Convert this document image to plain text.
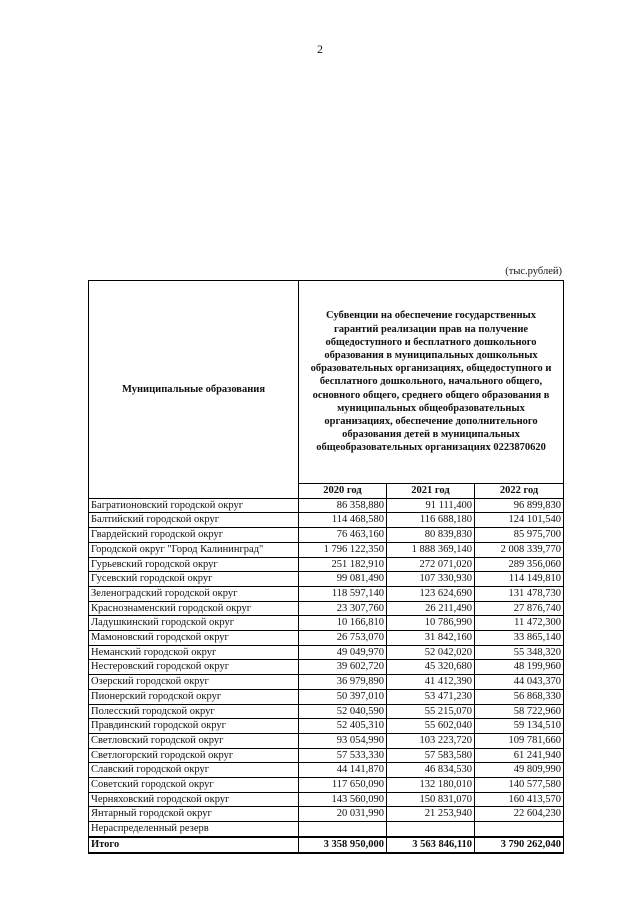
2
(тыс.рублей)
Муниципальные образования	Субвенции на обеспечение государственных гарантий реализации прав на получение общедоступного и бесплатного дошкольного образования в муниципальных дошкольных образовательных организациях, общедоступного и бесплатного дошкольного, начального общего, основного общего, среднего общего образования в муниципальных общеобразовательных организациях, обеспечение дополнительного образования детей в муниципальных общеобразовательных организациях 0223870620		
	2020 год	2021 год	2022 год
Багратионовский городской округ	86 358,880	91 111,400	96 899,830
Балтийский городской округ	114 468,580	116 688,180	124 101,540
Гвардейский городской округ	76 463,160	80 839,830	85 975,700
Городской округ "Город Калининград"	1 796 122,350	1 888 369,140	2 008 339,770
Гурьевский городской округ	251 182,910	272 071,020	289 356,060
Гусевский городской округ	99 081,490	107 330,930	114 149,810
Зеленоградский городской округ	118 597,140	123 624,690	131 478,730
Краснознаменский городской округ	23 307,760	26 211,490	27 876,740
Ладушкинский городской округ	10 166,810	10 786,990	11 472,300
Мамоновский городской округ	26 753,070	31 842,160	33 865,140
Неманский городской округ	49 049,970	52 042,020	55 348,320
Нестеровский городской округ	39 602,720	45 320,680	48 199,960
Озерский городской округ	36 979,890	41 412,390	44 043,370
Пионерский городской округ	50 397,010	53 471,230	56 868,330
Полесский городской округ	52 040,590	55 215,070	58 722,960
Правдинский городской округ	52 405,310	55 602,040	59 134,510
Светловский городской округ	93 054,990	103 223,720	109 781,660
Светлогорский городской округ	57 533,330	57 583,580	61 241,940
Славский городской округ	44 141,870	46 834,530	49 809,990
Советский городской округ	117 650,090	132 180,010	140 577,580
Черняховский городской округ	143 560,090	150 831,070	160 413,570
Янтарный городской округ	20 031,990	21 253,940	22 604,230
Нераспределенный резерв			
Итого	3 358 950,000	3 563 846,110	3 790 262,040
